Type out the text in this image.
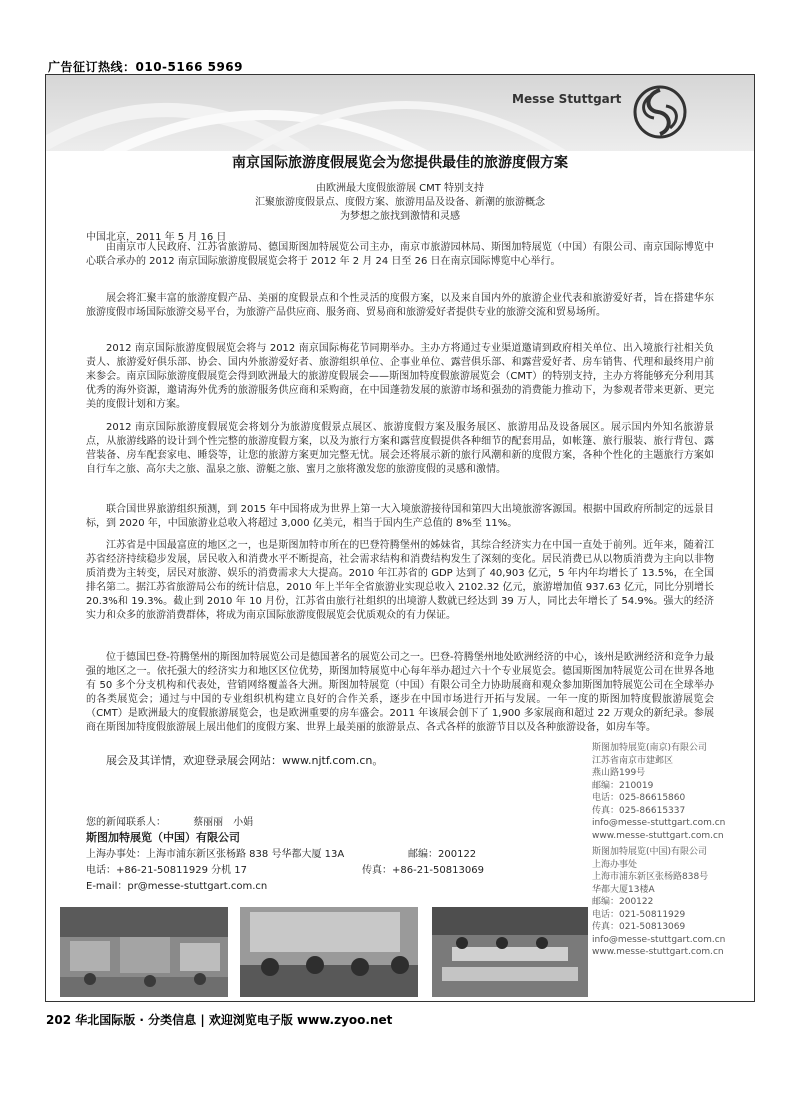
广告征订热线：010-5166 5969
Messe Stuttgart
南京国际旅游度假展览会为您提供最佳的旅游度假方案
由欧洲最大度假旅游展 CMT 特别支持
汇聚旅游度假景点、度假方案、旅游用品及设备、新潮的旅游概念
为梦想之旅找到激情和灵感
中国北京，2011 年 5 月 16 日
由南京市人民政府、江苏省旅游局、德国斯图加特展览公司主办，南京市旅游园林局、斯图加特展览（中国）有限公司、南京国际博览中心联合承办的 2012 南京国际旅游度假展览会将于 2012 年 2 月 24 日至 26 日在南京国际博览中心举行。
展会将汇聚丰富的旅游度假产品、美丽的度假景点和个性灵活的度假方案，以及来自国内外的旅游企业代表和旅游爱好者，旨在搭建华东旅游度假市场国际旅游交易平台，为旅游产品供应商、服务商、贸易商和旅游爱好者提供专业的旅游交流和贸易场所。
2012 南京国际旅游度假展览会将与 2012 南京国际梅花节同期举办。主办方将通过专业渠道邀请到政府相关单位、出入境旅行社相关负责人、旅游爱好俱乐部、协会、国内外旅游爱好者、旅游组织单位、企事业单位、露营俱乐部、和露营爱好者、房车销售、代理和最终用户前来参会。南京国际旅游度假展览会得到欧洲最大的旅游度假展会——斯图加特度假旅游展览会（CMT）的特别支持，主办方将能够充分利用其优秀的海外资源，邀请海外优秀的旅游服务供应商和采购商，在中国蓬勃发展的旅游市场和强劲的消费能力推动下，为参观者带来更新、更完美的度假计划和方案。
2012 南京国际旅游度假展览会将划分为旅游度假景点展区、旅游度假方案及服务展区、旅游用品及设备展区。展示国内外知名旅游景点，从旅游线路的设计到个性完整的旅游度假方案，以及为旅行方案和露营度假提供各种细节的配套用品，如帐篷、旅行服装、旅行背包、露营装备、房车配套家电、睡袋等，让您的旅游方案更加完整无忧。展会还将展示新的旅行风潮和新的度假方案，各种个性化的主题旅行方案如自行车之旅、高尔夫之旅、温泉之旅、游艇之旅、蜜月之旅将激发您的旅游度假的灵感和激情。
联合国世界旅游组织预测，到 2015 年中国将成为世界上第一大入境旅游接待国和第四大出境旅游客源国。根据中国政府所制定的远景目标，到 2020 年，中国旅游业总收入将超过 3,000 亿美元，相当于国内生产总值的 8%至 11%。
江苏省是中国最富庶的地区之一，也是斯图加特市所在的巴登符腾堡州的姊妹省，其综合经济实力在中国一直处于前列。近年来，随着江苏省经济持续稳步发展，居民收入和消费水平不断提高，社会需求结构和消费结构发生了深刻的变化。居民消费已从以物质消费为主向以非物质消费为主转变，居民对旅游、娱乐的消费需求大大提高。2010 年江苏省的 GDP 达到了 40,903 亿元，5 年内年均增长了 13.5%，在全国排名第二。据江苏省旅游局公布的统计信息，2010 年上半年全省旅游业实现总收入 2102.32 亿元，旅游增加值 937.63 亿元，同比分别增长 20.3%和 19.3%。截止到 2010 年 10 月份，江苏省由旅行社组织的出境游人数就已经达到 39 万人，同比去年增长了 54.9%。强大的经济实力和众多的旅游消费群体，将成为南京国际旅游度假展览会优质观众的有力保证。
位于德国巴登-符腾堡州的斯图加特展览公司是德国著名的展览公司之一。巴登-符腾堡州地处欧洲经济的中心，该州是欧洲经济和竞争力最强的地区之一。依托强大的经济实力和地区区位优势，斯图加特展览中心每年举办超过六十个专业展览会。德国斯图加特展览公司在世界各地有 50 多个分支机构和代表处，营销网络覆盖各大洲。斯图加特展览（中国）有限公司全力协助展商和观众参加斯图加特展览公司在全球举办的各类展览会；通过与中国的专业组织机构建立良好的合作关系，逐步在中国市场进行开拓与发展。一年一度的斯图加特度假旅游展览会（CMT）是欧洲最大的度假旅游展览会，也是欧洲重要的房车盛会。2011 年该展会创下了 1,900 多家展商和超过 22 万观众的新纪录。参展商在斯图加特度假旅游展上展出他们的度假方案、世界上最美丽的旅游景点、各式各样的旅游节目以及各种旅游设备，如房车等。
展会及其详情，欢迎登录展会网站：www.njtf.com.cn。
您的新闻联系人：	蔡丽丽　小娟
斯图加特展览（中国）有限公司
上海办事处：上海市浦东新区张杨路 838 号华都大厦 13A	邮编：200122
电话：+86-21-50811929 分机 17	传真：+86-21-50813069
E-mail：pr@messe-stuttgart.com.cn
斯图加特展览(南京)有限公司
江苏省南京市建邺区
燕山路199号
邮编：210019
电话：025-86615860
传真：025-86615337
info@messe-stuttgart.com.cn
www.messe-stuttgart.com.cn
斯图加特展览(中国)有限公司
上海办事处
上海市浦东新区张杨路838号
华都大厦13楼A
邮编：200122
电话：021-50811929
传真：021-50813069
info@messe-stuttgart.com.cn
www.messe-stuttgart.com.cn
202 华北国际版 · 分类信息 | 欢迎浏览电子版 www.zyoo.net
